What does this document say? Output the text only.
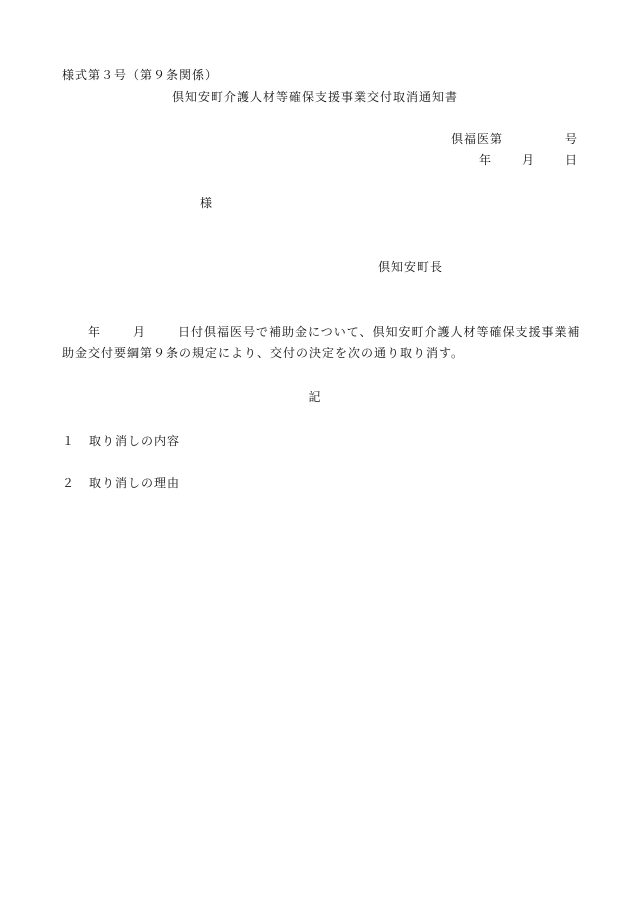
様式第３号（第９条関係）
倶知安町介護人材等確保支援事業交付取消通知書
倶福医第	号
年	月	日
様
倶知安町長
年	月	日付倶福医号で補助金について、倶知安町介護人材等確保支援事業補助金交付要綱第９条の規定により、交付の決定を次の通り取り消す。
記
１ 取り消しの内容
２ 取り消しの理由
